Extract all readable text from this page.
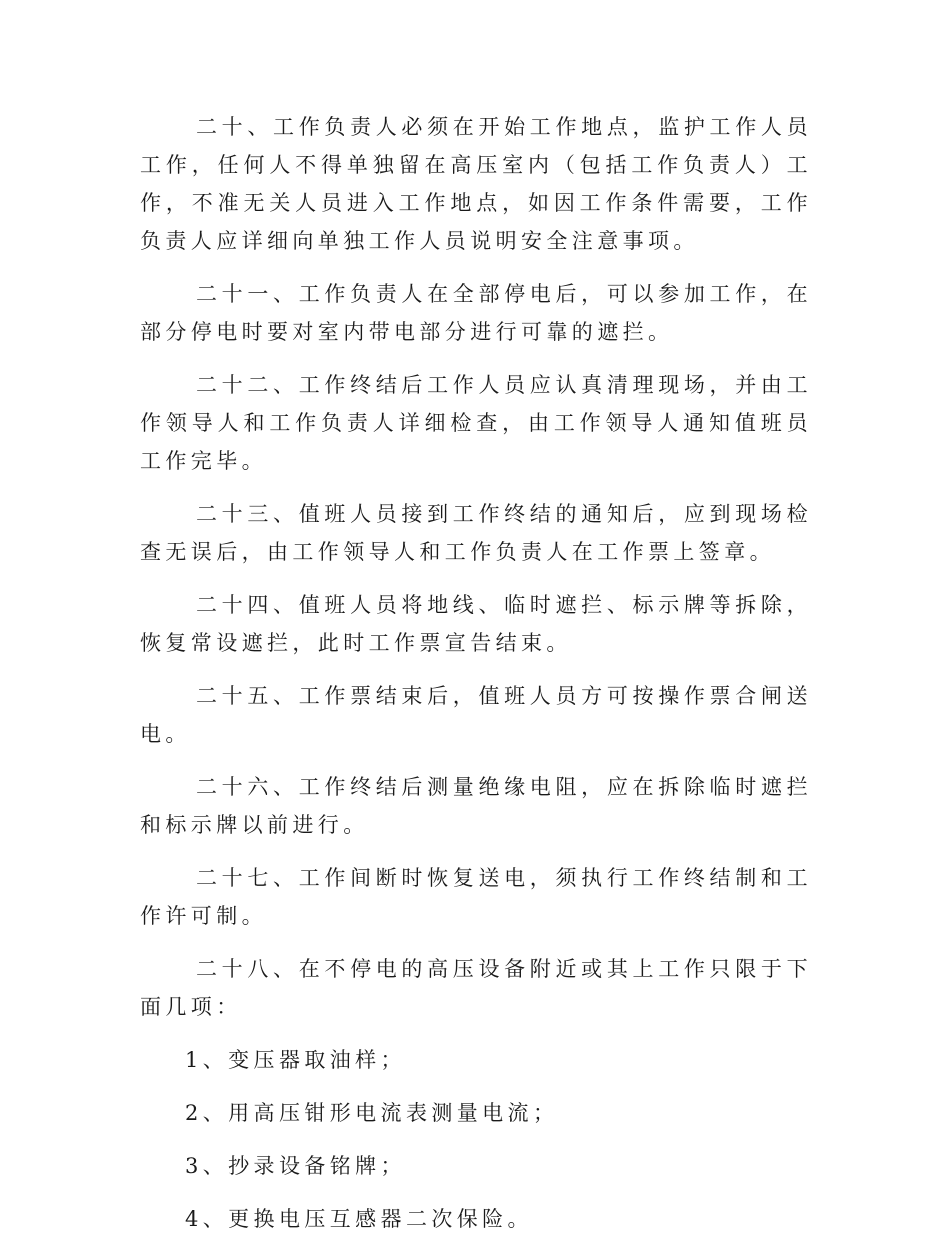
二十、工作负责人必须在开始工作地点，监护工作人员工作，任何人不得单独留在高压室内（包括工作负责人）工作，不准无关人员进入工作地点，如因工作条件需要，工作负责人应详细向单独工作人员说明安全注意事项。

二十一、工作负责人在全部停电后，可以参加工作，在部分停电时要对室内带电部分进行可靠的遮拦。

二十二、工作终结后工作人员应认真清理现场，并由工作领导人和工作负责人详细检查，由工作领导人通知值班员工作完毕。

二十三、值班人员接到工作终结的通知后，应到现场检查无误后，由工作领导人和工作负责人在工作票上签章。

二十四、值班人员将地线、临时遮拦、标示牌等拆除，恢复常设遮拦，此时工作票宣告结束。

二十五、工作票结束后，值班人员方可按操作票合闸送电。

二十六、工作终结后测量绝缘电阻，应在拆除临时遮拦和标示牌以前进行。

二十七、工作间断时恢复送电，须执行工作终结制和工作许可制。

二十八、在不停电的高压设备附近或其上工作只限于下面几项：

1、变压器取油样；
2、用高压钳形电流表测量电流；
3、抄录设备铭牌；
4、更换电压互感器二次保险。
